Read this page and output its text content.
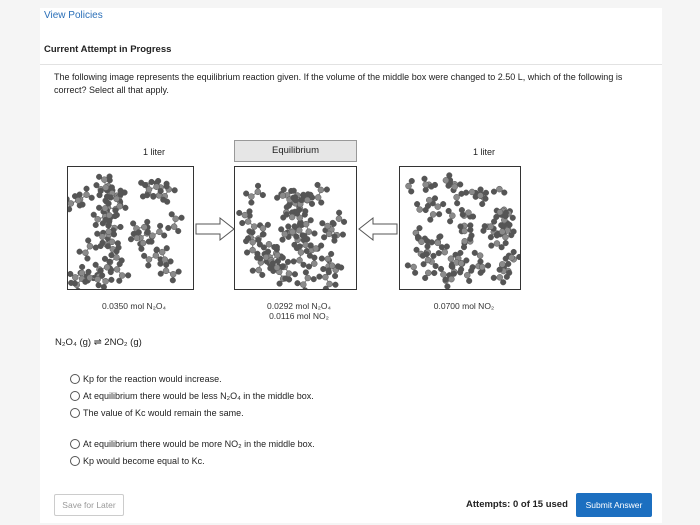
View Policies
Current Attempt in Progress
The following image represents the equilibrium reaction given. If the volume of the middle box were changed to 2.50 L, which of the following is correct? Select all that apply.
1 liter	Equilibrium	1 liter
0.0350 mol N₂O₄	0.0292 mol N₂O₄
0.0116 mol NO₂
0.0700 mol NO₂
N₂O₄ (g) ⇌ 2NO₂ (g)
Kp for the reaction would increase.
At equilibrium there would be less N₂O₄ in the middle box.
The value of Kc would remain the same.
At equilibrium there would be more NO₂ in the middle box.
Kp would become equal to Kc.
Save for Later	Attempts: 0 of 15 used	Submit Answer
